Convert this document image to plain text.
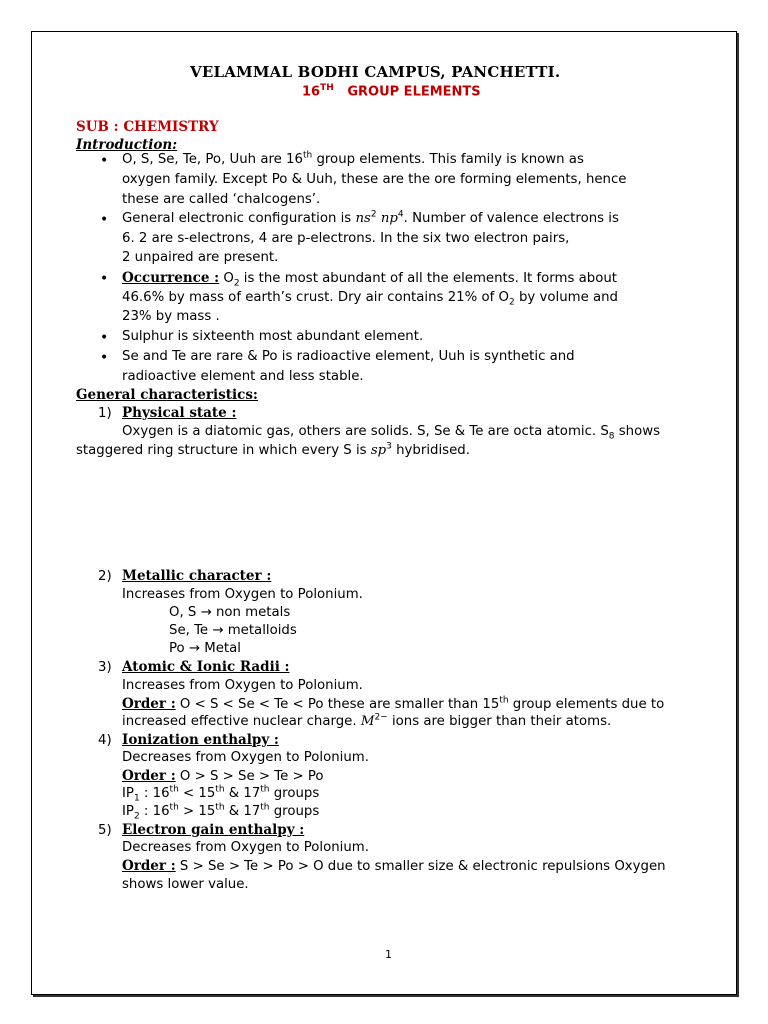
VELAMMAL BODHI CAMPUS, PANCHETTI.
16TH GROUP ELEMENTS
SUB : CHEMISTRY
Introduction:
• O, S, Se, Te, Po, Uuh are 16th group elements. This family is known as
oxygen family. Except Po & Uuh, these are the ore forming elements, hence
these are called ‘chalcogens’.
• General electronic configuration is $ns^2$ $np^4$. Number of valence electrons is
6. 2 are s-electrons, 4 are p-electrons. In the six two electron pairs,
2 unpaired are present.
• Occurrence : $O_2$ is the most abundant of all the elements. It forms about
46.6% by mass of earth’s crust. Dry air contains 21% of $O_2$ by volume and
23% by mass .
• Sulphur is sixteenth most abundant element.
• Se and Te are rare & Po is radioactive element, Uuh is synthetic and
radioactive element and less stable.
General characteristics:
1) Physical state :
Oxygen is a diatomic gas, others are solids. S, Se & Te are octa atomic. $S_8$ shows
staggered ring structure in which every S is $sp^3$ hybridised.
2) Metallic character :
Increases from Oxygen to Polonium.
O, S → non metals
Se, Te → metalloids
Po → Metal
3) Atomic & Ionic Radii :
Increases from Oxygen to Polonium.
Order : O < S < Se < Te < Po these are smaller than 15th group elements due to
increased effective nuclear charge. $M^{2-}$ ions are bigger than their atoms.
4) Ionization enthalpy :
Decreases from Oxygen to Polonium.
Order : O > S > Se > Te > Po
$IP_1$ : 16th < 15th & 17th groups
$IP_2$ : 16th > 15th & 17th groups
5) Electron gain enthalpy :
Decreases from Oxygen to Polonium.
Order : S > Se > Te > Po > O due to smaller size & electronic repulsions Oxygen
shows lower value.
1
